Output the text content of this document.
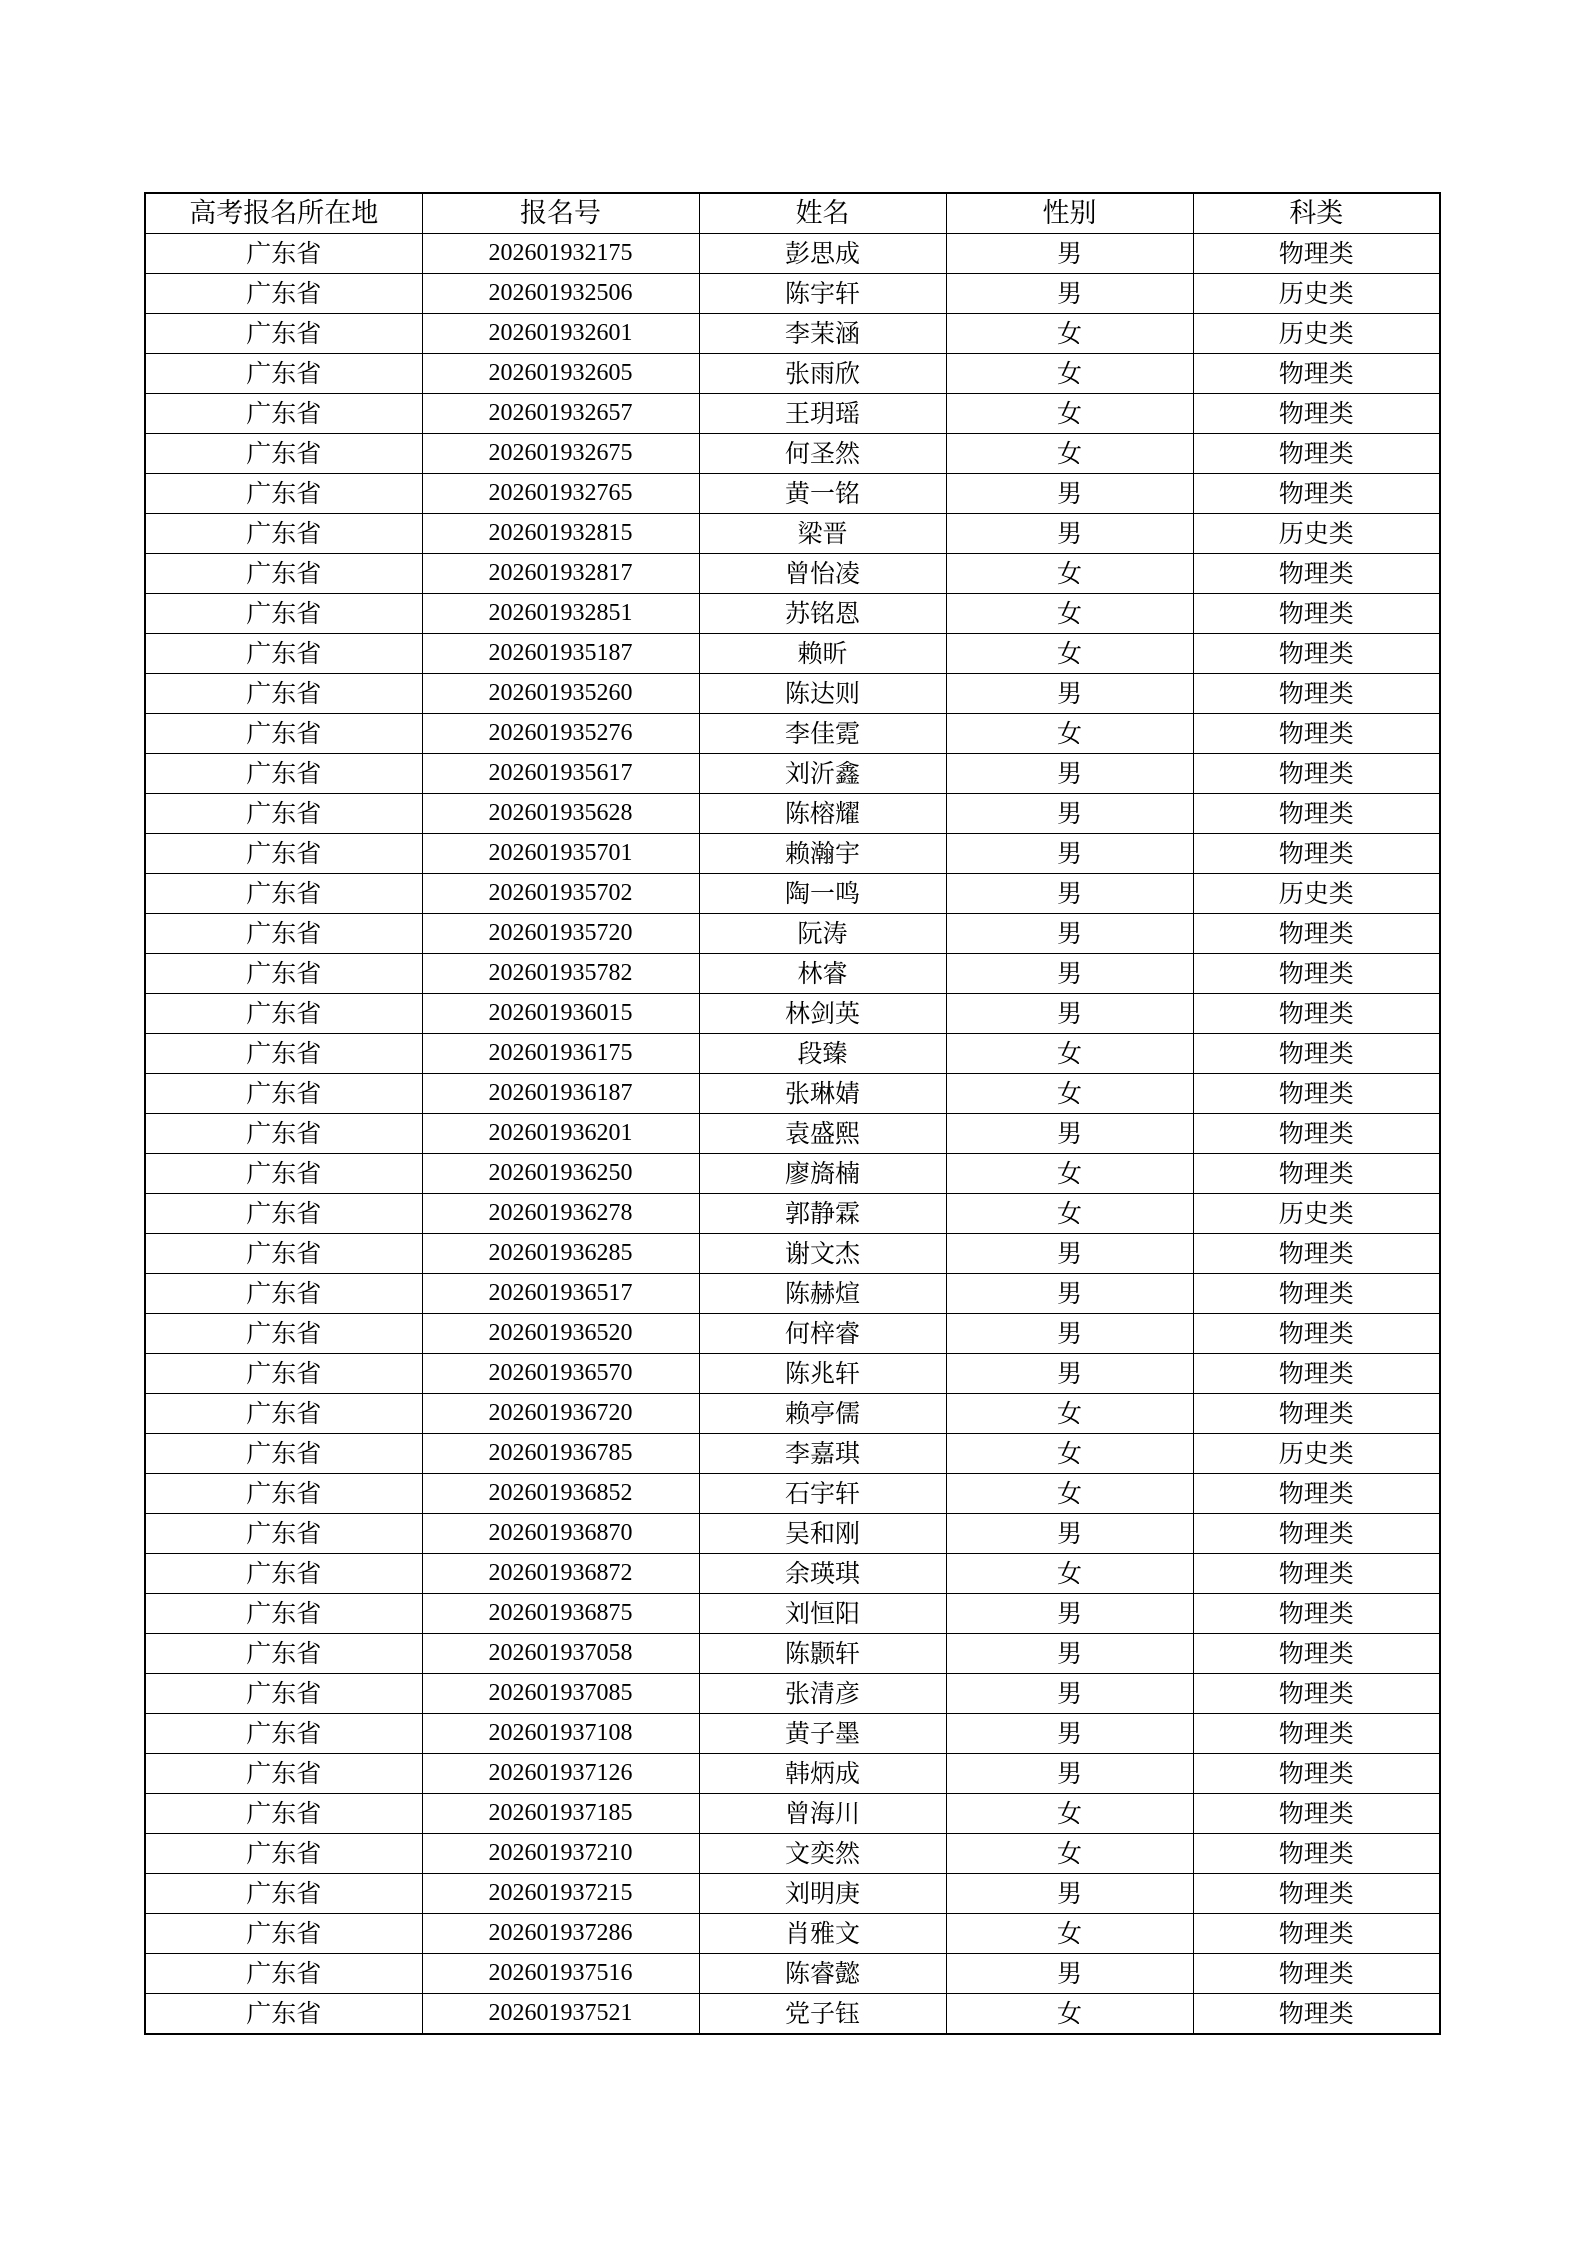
高考报名所在地	报名号	姓名	性别	科类
广东省	202601932175	彭思成	男	物理类
广东省	202601932506	陈宇轩	男	历史类
广东省	202601932601	李茉涵	女	历史类
广东省	202601932605	张雨欣	女	物理类
广东省	202601932657	王玥瑶	女	物理类
广东省	202601932675	何圣然	女	物理类
广东省	202601932765	黄一铭	男	物理类
广东省	202601932815	梁晋	男	历史类
广东省	202601932817	曾怡凌	女	物理类
广东省	202601932851	苏铭恩	女	物理类
广东省	202601935187	赖昕	女	物理类
广东省	202601935260	陈达则	男	物理类
广东省	202601935276	李佳霓	女	物理类
广东省	202601935617	刘沂鑫	男	物理类
广东省	202601935628	陈榕耀	男	物理类
广东省	202601935701	赖瀚宇	男	物理类
广东省	202601935702	陶一鸣	男	历史类
广东省	202601935720	阮涛	男	物理类
广东省	202601935782	林睿	男	物理类
广东省	202601936015	林剑英	男	物理类
广东省	202601936175	段臻	女	物理类
广东省	202601936187	张琳婧	女	物理类
广东省	202601936201	袁盛熙	男	物理类
广东省	202601936250	廖旖楠	女	物理类
广东省	202601936278	郭静霖	女	历史类
广东省	202601936285	谢文杰	男	物理类
广东省	202601936517	陈赫煊	男	物理类
广东省	202601936520	何梓睿	男	物理类
广东省	202601936570	陈兆轩	男	物理类
广东省	202601936720	赖亭儒	女	物理类
广东省	202601936785	李嘉琪	女	历史类
广东省	202601936852	石宇轩	女	物理类
广东省	202601936870	吴和刚	男	物理类
广东省	202601936872	余瑛琪	女	物理类
广东省	202601936875	刘恒阳	男	物理类
广东省	202601937058	陈颢轩	男	物理类
广东省	202601937085	张清彦	男	物理类
广东省	202601937108	黄子墨	男	物理类
广东省	202601937126	韩炳成	男	物理类
广东省	202601937185	曾海川	女	物理类
广东省	202601937210	文奕然	女	物理类
广东省	202601937215	刘明庚	男	物理类
广东省	202601937286	肖雅文	女	物理类
广东省	202601937516	陈睿懿	男	物理类
广东省	202601937521	党子钰	女	物理类
